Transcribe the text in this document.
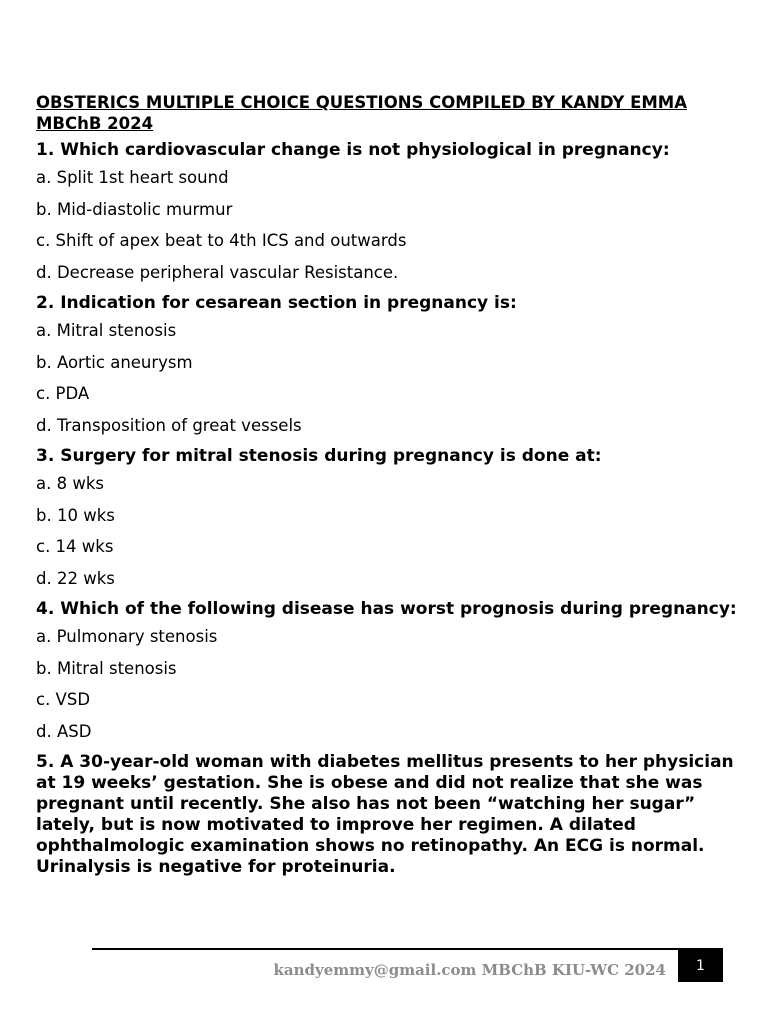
OBSTERICS MULTIPLE CHOICE QUESTIONS COMPILED BY KANDY EMMA
MBChB 2024
1. Which cardiovascular change is not physiological in pregnancy:
a. Split 1st heart sound
b. Mid-diastolic murmur
c. Shift of apex beat to 4th ICS and outwards
d. Decrease peripheral vascular Resistance.
2. Indication for cesarean section in pregnancy is:
a. Mitral stenosis
b. Aortic aneurysm
c. PDA
d. Transposition of great vessels
3. Surgery for mitral stenosis during pregnancy is done at:
a. 8 wks
b. 10 wks
c. 14 wks
d. 22 wks
4. Which of the following disease has worst prognosis during pregnancy:
a. Pulmonary stenosis
b. Mitral stenosis
c. VSD
d. ASD
5. A 30-year-old woman with diabetes mellitus presents to her physician at 19 weeks’ gestation. She is obese and did not realize that she was pregnant until recently. She also has not been “watching her sugar” lately, but is now motivated to improve her regimen. A dilated ophthalmologic examination shows no retinopathy. An ECG is normal. Urinalysis is negative for proteinuria.
kandyemmy@gmail.com MBChB KIU-WC 2024	1
